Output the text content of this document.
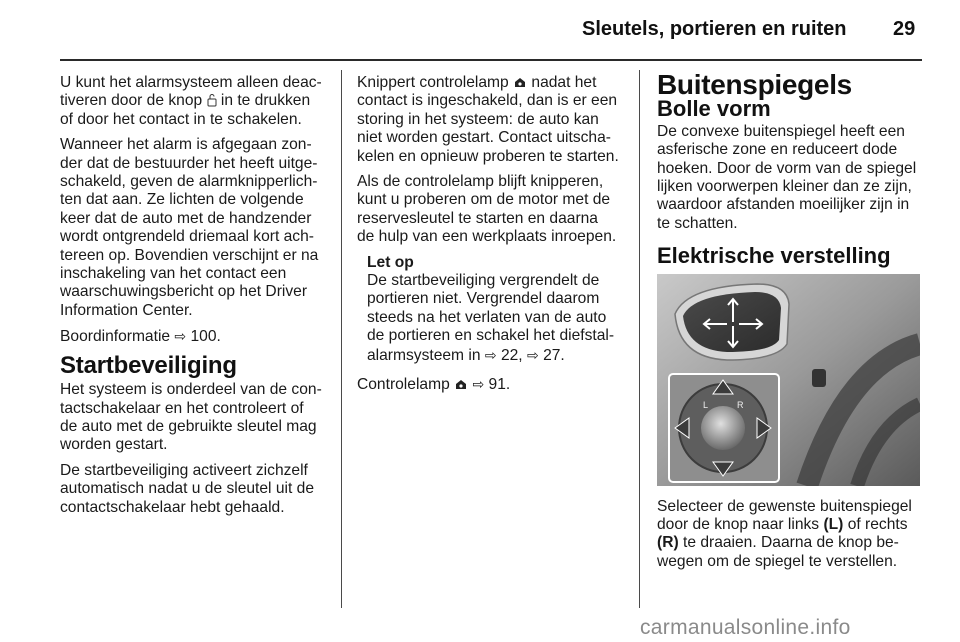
Sleutels, portieren en ruiten 29

U kunt het alarmsysteem alleen deac-
tiveren door de knop in te drukken
of door het contact in te schakelen.

Wanneer het alarm is afgegaan zon-
der dat de bestuurder het heeft uitge-
schakeld, geven de alarmknipperlich-
ten dat aan. Ze lichten de volgende
keer dat de auto met de handzender
wordt ontgrendeld driemaal kort ach-
tereen op. Bovendien verschijnt er na
inschakeling van het contact een
waarschuwingsbericht op het Driver
Information Center.

Boordinformatie ⇨ 100.

Startbeveiliging

Het systeem is onderdeel van de con-
tactschakelaar en het controleert of
de auto met de gebruikte sleutel mag
worden gestart.

De startbeveiliging activeert zichzelf
automatisch nadat u de sleutel uit de
contactschakelaar hebt gehaald.

Knippert controlelamp nadat het
contact is ingeschakeld, dan is er een
storing in het systeem: de auto kan
niet worden gestart. Contact uitscha-
kelen en opnieuw proberen te starten.

Als de controlelamp blijft knipperen,
kunt u proberen om de motor met de
reservesleutel te starten en daarna
de hulp van een werkplaats inroepen.

Let op
De startbeveiliging vergrendelt de
portieren niet. Vergrendel daarom
steeds na het verlaten van de auto
de portieren en schakel het diefstal-
alarmsysteem in ⇨ 22, ⇨ 27.

Controlelamp ⇨ 91.

Buitenspiegels
Bolle vorm

De convexe buitenspiegel heeft een
asferische zone en reduceert dode
hoeken. Door de vorm van de spiegel
lijken voorwerpen kleiner dan ze zijn,
waardoor afstanden moeilijker zijn in
te schatten.

Elektrische verstelling
L	R

Selecteer de gewenste buitenspiegel
door de knop naar links (L) of rechts
(R) te draaien. Daarna de knop be-
wegen om de spiegel te verstellen.

carmanualsonline.info
